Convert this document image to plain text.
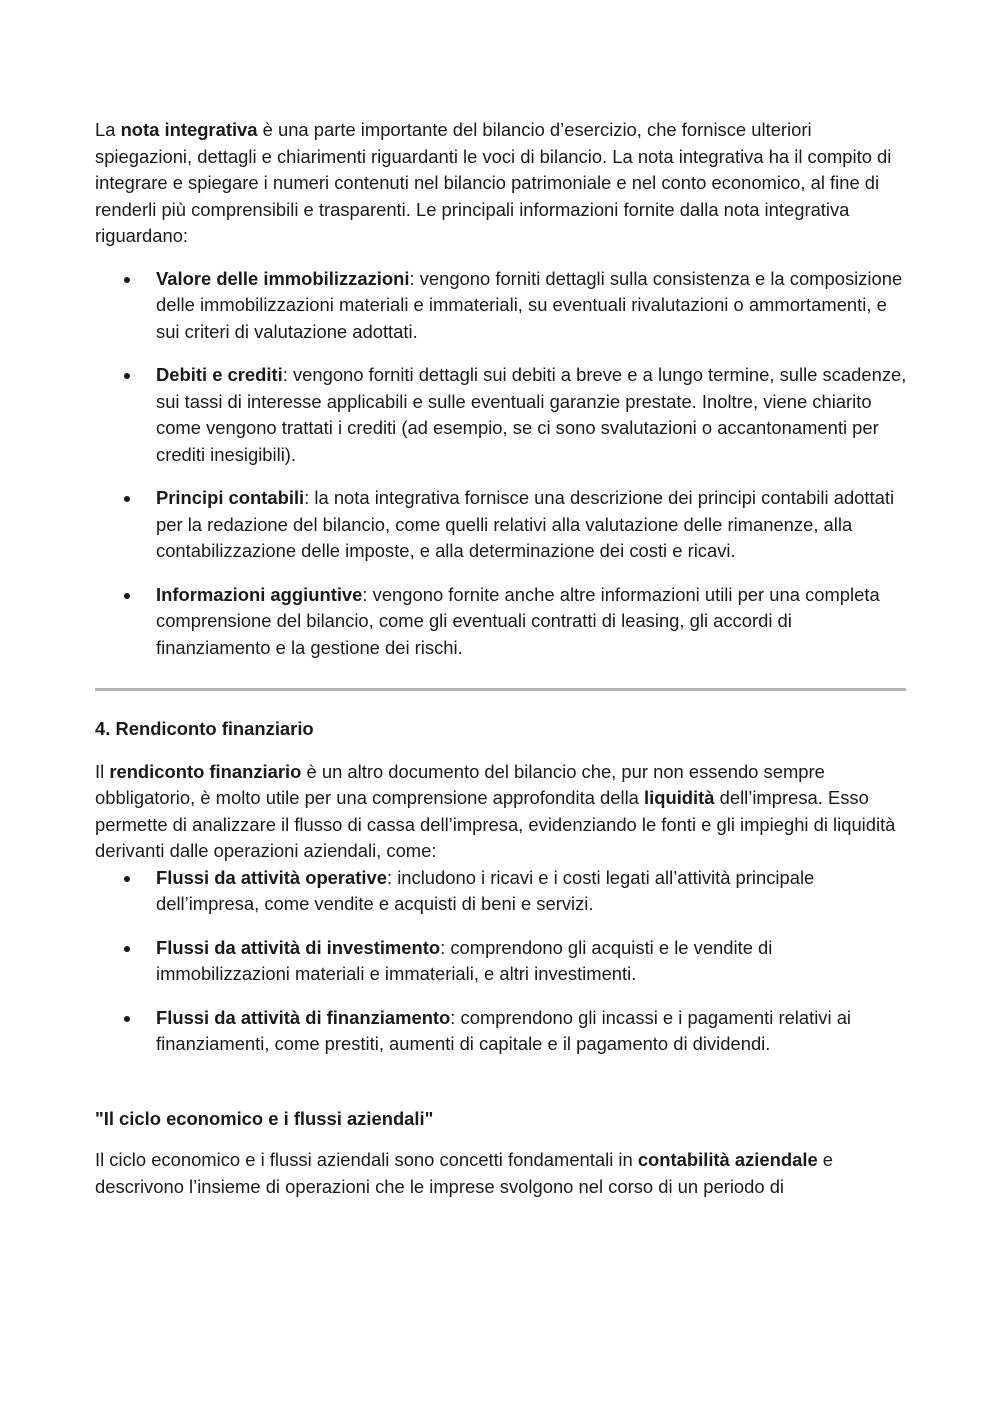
La nota integrativa è una parte importante del bilancio d’esercizio, che fornisce ulteriori spiegazioni, dettagli e chiarimenti riguardanti le voci di bilancio. La nota integrativa ha il compito di integrare e spiegare i numeri contenuti nel bilancio patrimoniale e nel conto economico, al fine di renderli più comprensibili e trasparenti. Le principali informazioni fornite dalla nota integrativa riguardano:

Valore delle immobilizzazioni: vengono forniti dettagli sulla consistenza e la composizione delle immobilizzazioni materiali e immateriali, su eventuali rivalutazioni o ammortamenti, e sui criteri di valutazione adottati.
Debiti e crediti: vengono forniti dettagli sui debiti a breve e a lungo termine, sulle scadenze, sui tassi di interesse applicabili e sulle eventuali garanzie prestate. Inoltre, viene chiarito come vengono trattati i crediti (ad esempio, se ci sono svalutazioni o accantonamenti per crediti inesigibili).
Principi contabili: la nota integrativa fornisce una descrizione dei principi contabili adottati per la redazione del bilancio, come quelli relativi alla valutazione delle rimanenze, alla contabilizzazione delle imposte, e alla determinazione dei costi e ricavi.
Informazioni aggiuntive: vengono fornite anche altre informazioni utili per una completa comprensione del bilancio, come gli eventuali contratti di leasing, gli accordi di finanziamento e la gestione dei rischi.

4. Rendiconto finanziario

Il rendiconto finanziario è un altro documento del bilancio che, pur non essendo sempre obbligatorio, è molto utile per una comprensione approfondita della liquidità dell’impresa. Esso permette di analizzare il flusso di cassa dell’impresa, evidenziando le fonti e gli impieghi di liquidità derivanti dalle operazioni aziendali, come:

Flussi da attività operative: includono i ricavi e i costi legati all’attività principale dell’impresa, come vendite e acquisti di beni e servizi.
Flussi da attività di investimento: comprendono gli acquisti e le vendite di immobilizzazioni materiali e immateriali, e altri investimenti.
Flussi da attività di finanziamento: comprendono gli incassi e i pagamenti relativi ai finanziamenti, come prestiti, aumenti di capitale e il pagamento di dividendi.

"Il ciclo economico e i flussi aziendali"

Il ciclo economico e i flussi aziendali sono concetti fondamentali in contabilità aziendale e descrivono l’insieme di operazioni che le imprese svolgono nel corso di un periodo di
